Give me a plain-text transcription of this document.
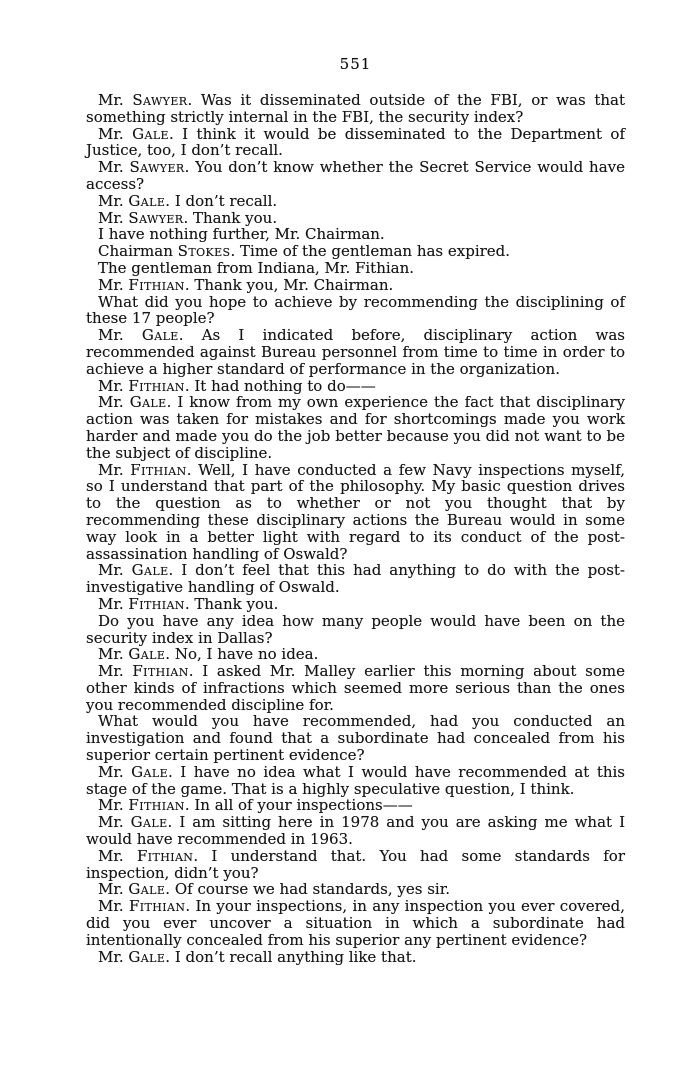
551

Mr. Sawyer. Was it disseminated outside of the FBI, or was that something strictly internal in the FBI, the security index?

Mr. Gale. I think it would be disseminated to the Department of Justice, too, I don’t recall.

Mr. Sawyer. You don’t know whether the Secret Service would have access?

Mr. Gale. I don’t recall.

Mr. Sawyer. Thank you.

I have nothing further, Mr. Chairman.

Chairman Stokes. Time of the gentleman has expired.

The gentleman from Indiana, Mr. Fithian.

Mr. Fithian. Thank you, Mr. Chairman.

What did you hope to achieve by recommending the disciplining of these 17 people?

Mr. Gale. As I indicated before, disciplinary action was recommended against Bureau personnel from time to time in order to achieve a higher standard of performance in the organization.

Mr. Fithian. It had nothing to do——

Mr. Gale. I know from my own experience the fact that disciplinary action was taken for mistakes and for shortcomings made you work harder and made you do the job better because you did not want to be the subject of discipline.

Mr. Fithian. Well, I have conducted a few Navy inspections myself, so I understand that part of the philosophy. My basic question drives to the question as to whether or not you thought that by recommending these disciplinary actions the Bureau would in some way look in a better light with regard to its conduct of the post-assassination handling of Oswald?

Mr. Gale. I don’t feel that this had anything to do with the post-investigative handling of Oswald.

Mr. Fithian. Thank you.

Do you have any idea how many people would have been on the security index in Dallas?

Mr. Gale. No, I have no idea.

Mr. Fithian. I asked Mr. Malley earlier this morning about some other kinds of infractions which seemed more serious than the ones you recommended discipline for.

What would you have recommended, had you conducted an investigation and found that a subordinate had concealed from his superior certain pertinent evidence?

Mr. Gale. I have no idea what I would have recommended at this stage of the game. That is a highly speculative question, I think.

Mr. Fithian. In all of your inspections——

Mr. Gale. I am sitting here in 1978 and you are asking me what I would have recommended in 1963.

Mr. Fithian. I understand that. You had some standards for inspection, didn’t you?

Mr. Gale. Of course we had standards, yes sir.

Mr. Fithian. In your inspections, in any inspection you ever covered, did you ever uncover a situation in which a subordinate had intentionally concealed from his superior any pertinent evidence?

Mr. Gale. I don’t recall anything like that.
